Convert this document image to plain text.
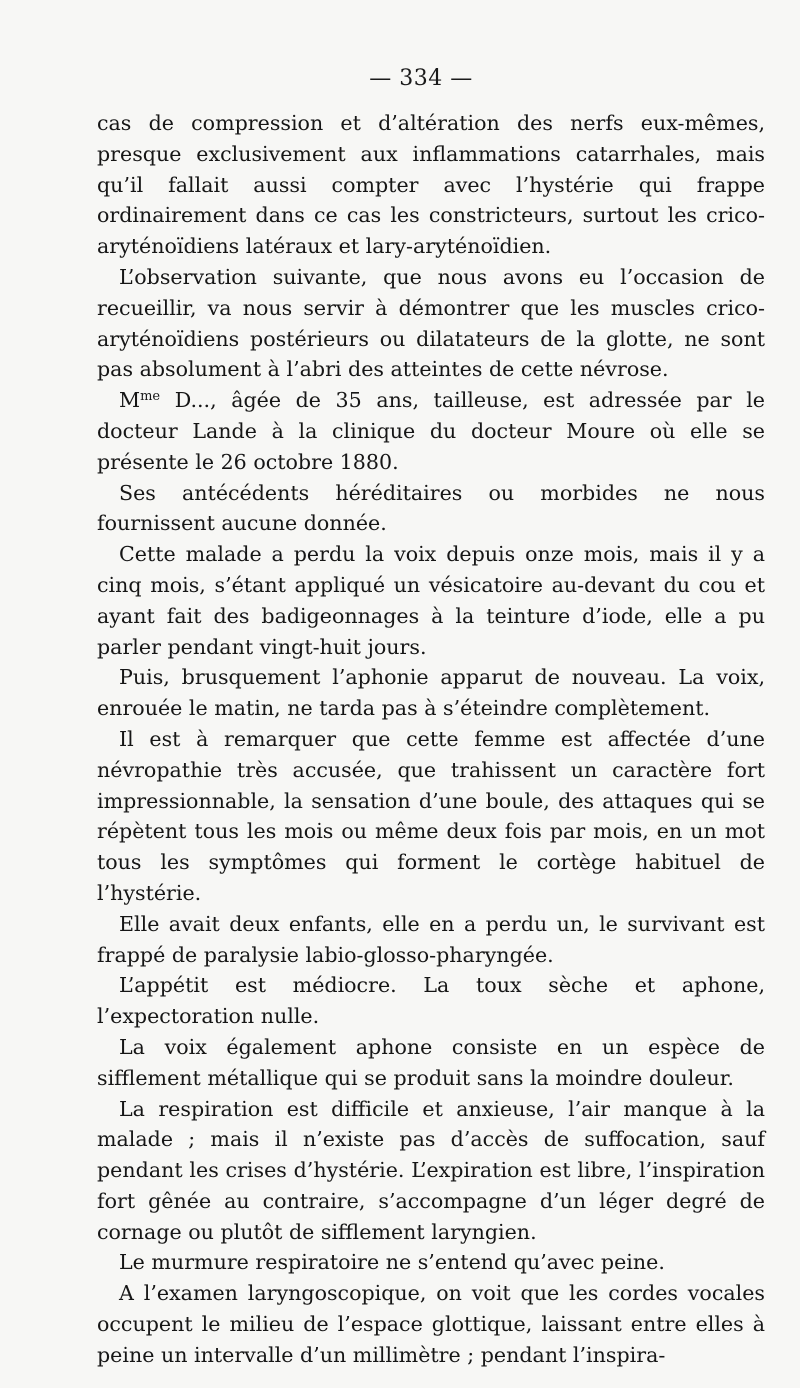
— 334 —

cas de compression et d’altération des nerfs eux-mêmes, presque exclusivement aux inflammations catarrhales, mais qu’il fallait aussi compter avec l’hystérie qui frappe ordinairement dans ce cas les constricteurs, surtout les crico-aryténoïdiens latéraux et lary-aryténoïdien.

L’observation suivante, que nous avons eu l’occasion de recueillir, va nous servir à démontrer que les muscles crico-aryténoïdiens postérieurs ou dilatateurs de la glotte, ne sont pas absolument à l’abri des atteintes de cette névrose.

$M^{me}$ D..., âgée de 35 ans, tailleuse, est adressée par le docteur Lande à la clinique du docteur Moure où elle se présente le 26 octobre 1880.

Ses antécédents héréditaires ou morbides ne nous fournissent aucune donnée.

Cette malade a perdu la voix depuis onze mois, mais il y a cinq mois, s’étant appliqué un vésicatoire au-devant du cou et ayant fait des badigeonnages à la teinture d’iode, elle a pu parler pendant vingt-huit jours.

Puis, brusquement l’aphonie apparut de nouveau. La voix, enrouée le matin, ne tarda pas à s’éteindre complètement.

Il est à remarquer que cette femme est affectée d’une névropathie très accusée, que trahissent un caractère fort impressionnable, la sensation d’une boule, des attaques qui se répètent tous les mois ou même deux fois par mois, en un mot tous les symptômes qui forment le cortège habituel de l’hystérie.

Elle avait deux enfants, elle en a perdu un, le survivant est frappé de paralysie labio-glosso-pharyngée.

L’appétit est médiocre. La toux sèche et aphone, l’expectoration nulle.

La voix également aphone consiste en un espèce de sifflement métallique qui se produit sans la moindre douleur.

La respiration est difficile et anxieuse, l’air manque à la malade ; mais il n’existe pas d’accès de suffocation, sauf pendant les crises d’hystérie. L’expiration est libre, l’inspiration fort gênée au contraire, s’accompagne d’un léger degré de cornage ou plutôt de sifflement laryngien.

Le murmure respiratoire ne s’entend qu’avec peine.

A l’examen laryngoscopique, on voit que les cordes vocales occupent le milieu de l’espace glottique, laissant entre elles à peine un intervalle d’un millimètre ; pendant l’inspira-
